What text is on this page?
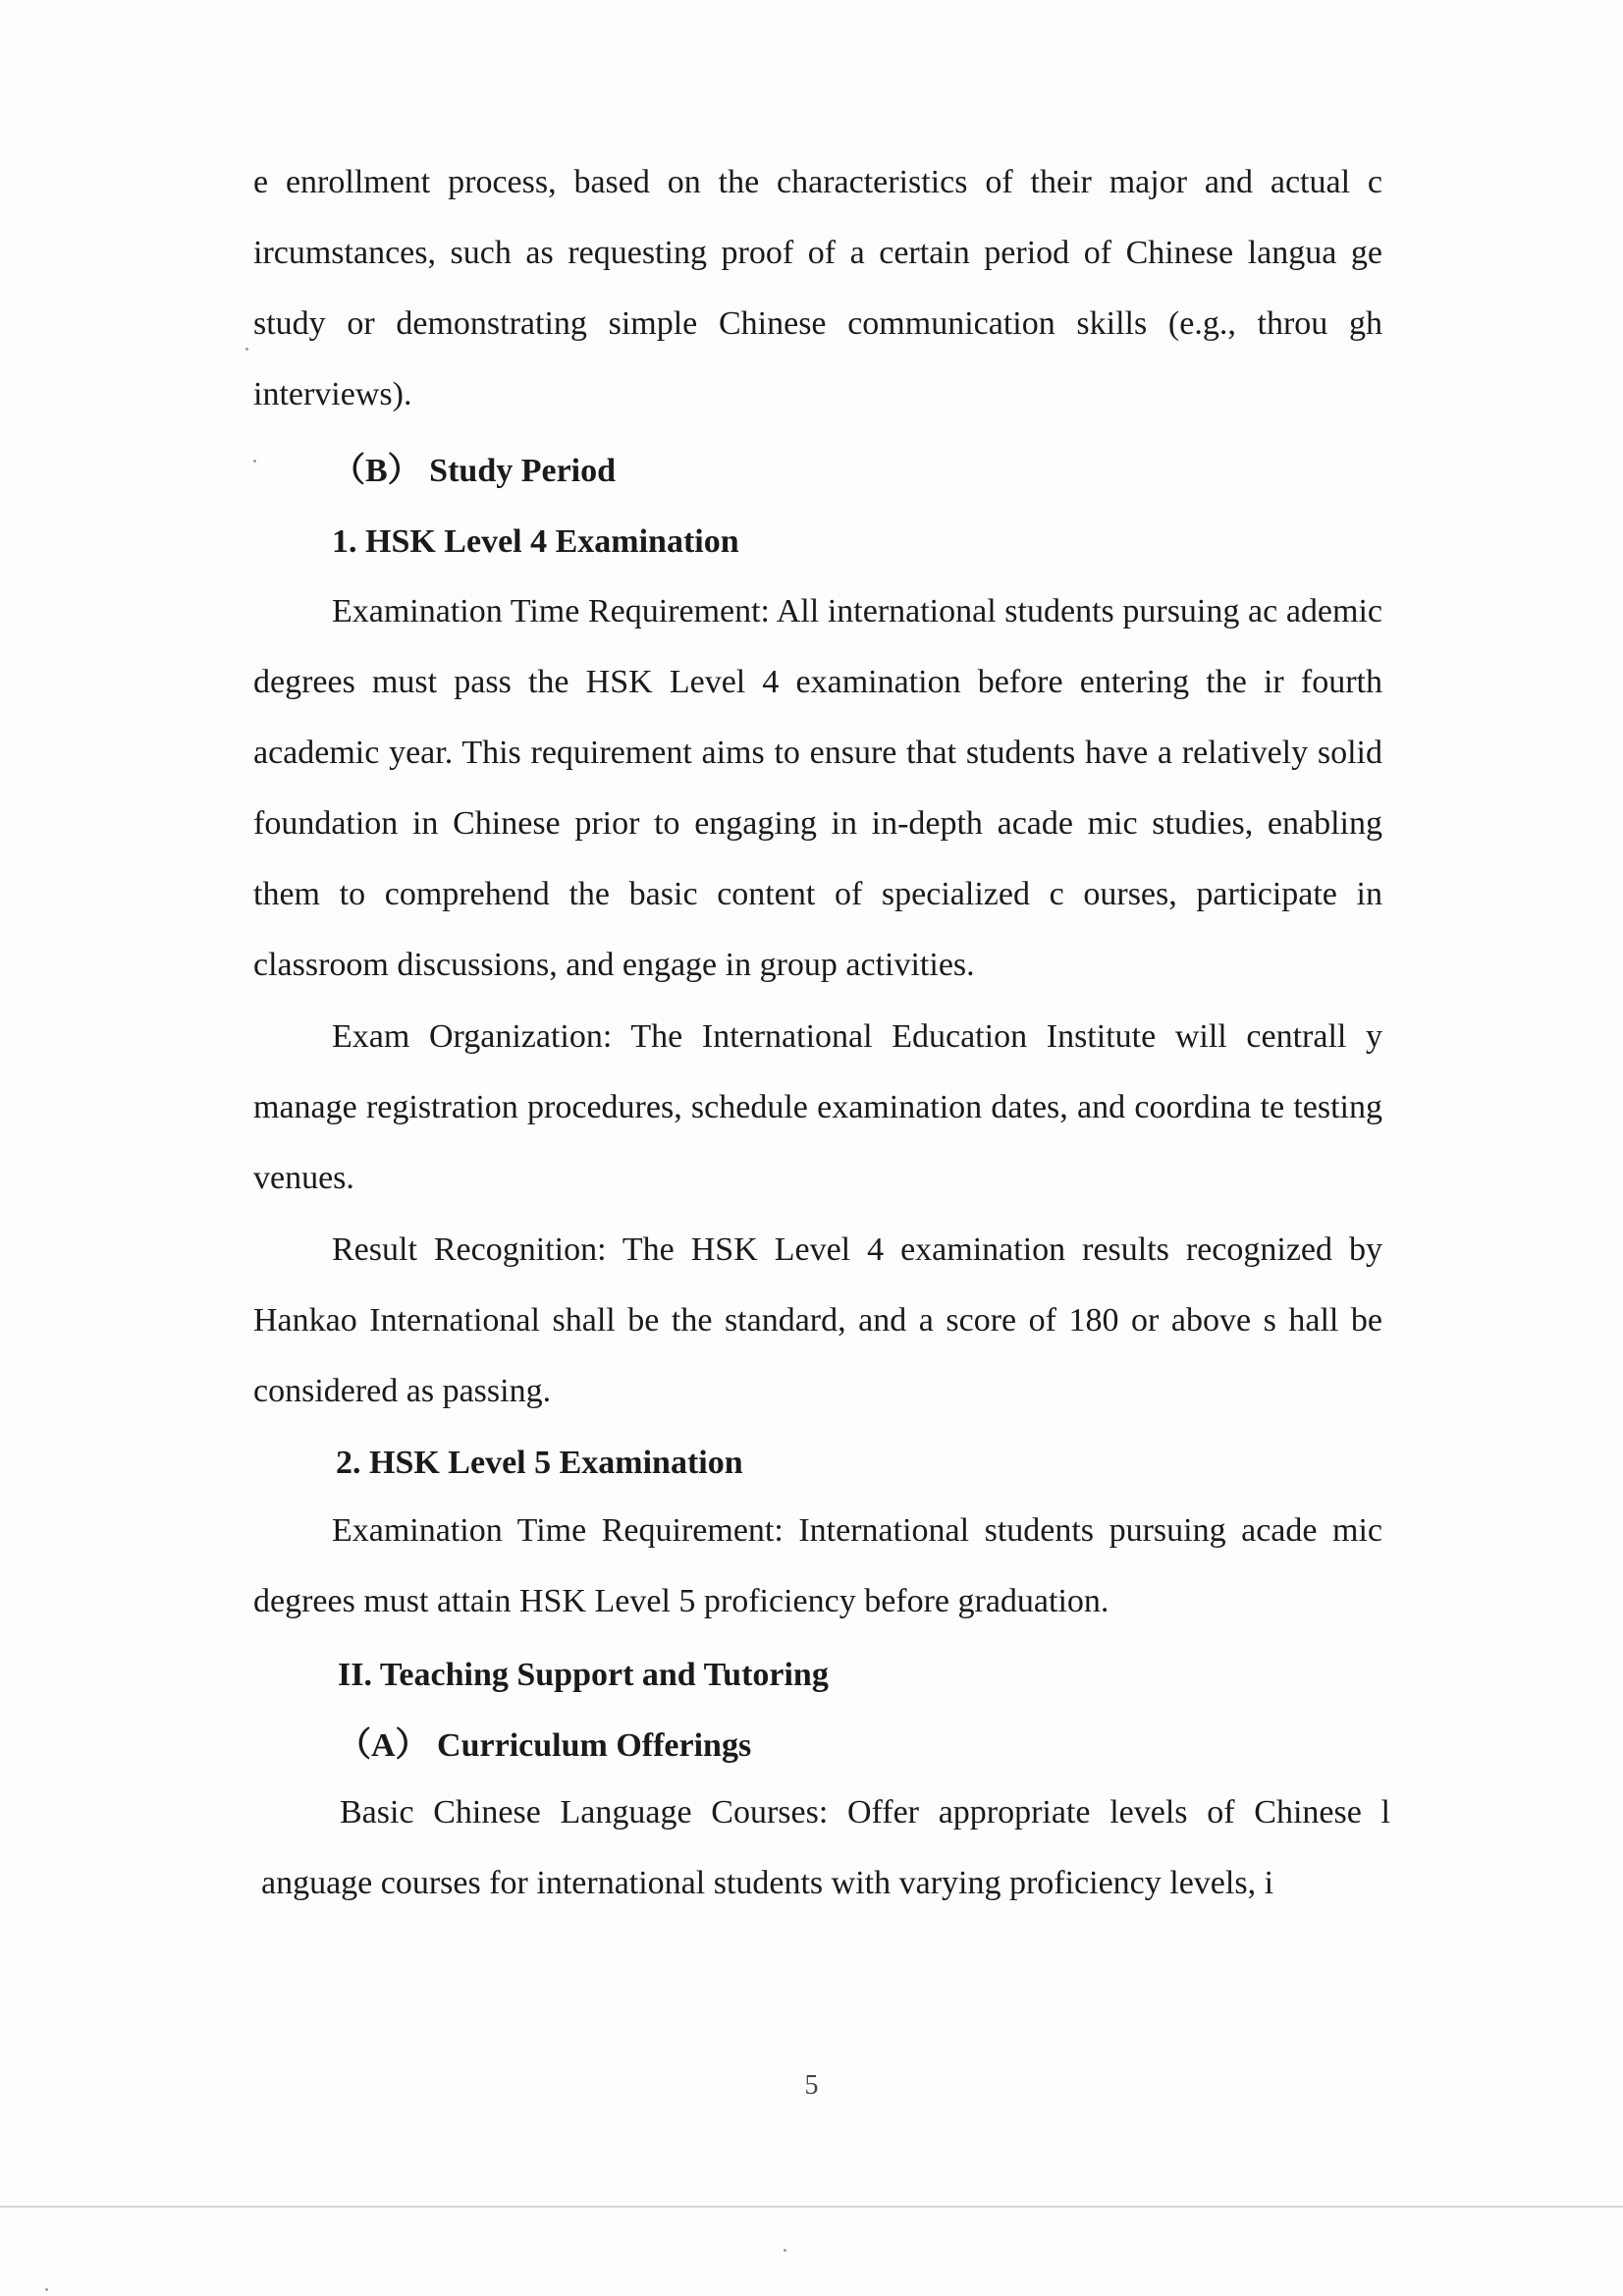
e enrollment process, based on the characteristics of their major and actual c ircumstances, such as requesting proof of a certain period of Chinese langua ge study or demonstrating simple Chinese communication skills (e.g., throu gh interviews).

（B） Study Period
1. HSK Level 4 Examination

Examination Time Requirement: All international students pursuing ac ademic degrees must pass the HSK Level 4 examination before entering the ir fourth academic year. This requirement aims to ensure that students have a relatively solid foundation in Chinese prior to engaging in in-depth acade mic studies, enabling them to comprehend the basic content of specialized c ourses, participate in classroom discussions, and engage in group activities.

Exam Organization: The International Education Institute will centrall y manage registration procedures, schedule examination dates, and coordina te testing venues.

Result Recognition: The HSK Level 4 examination results recognized by Hankao International shall be the standard, and a score of 180 or above s hall be considered as passing.

2. HSK Level 5 Examination

Examination Time Requirement: International students pursuing acade mic degrees must attain HSK Level 5 proficiency before graduation.

II. Teaching Support and Tutoring
（A） Curriculum Offerings

Basic Chinese Language Courses: Offer appropriate levels of Chinese l anguage courses for international students with varying proficiency levels, i

5
